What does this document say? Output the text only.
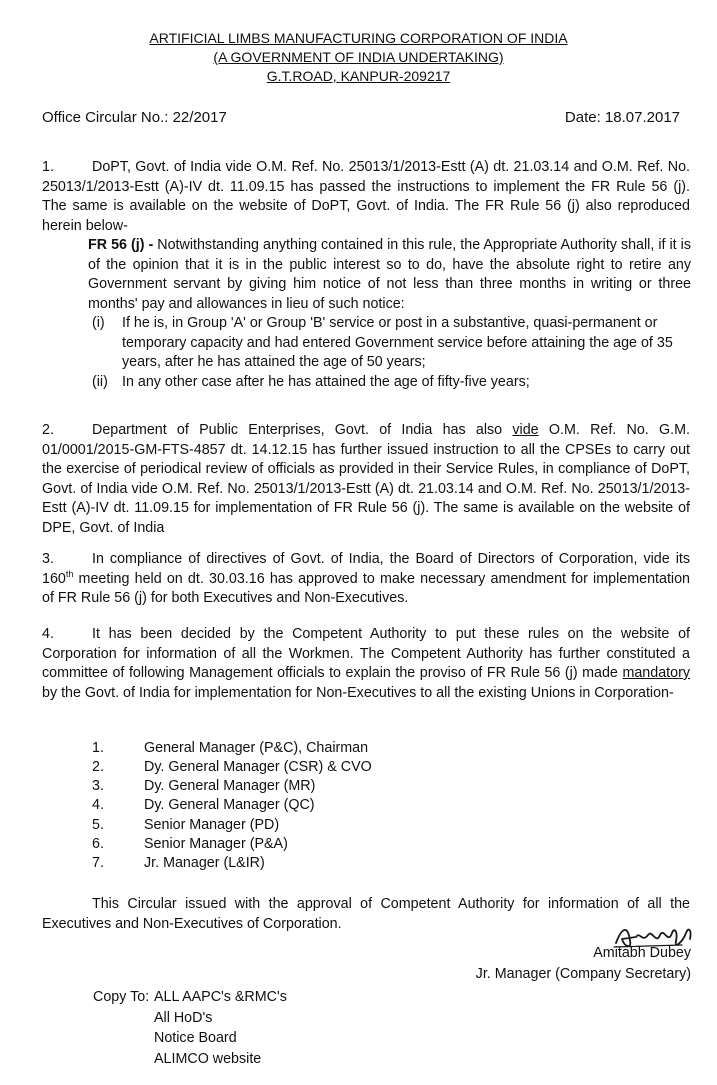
ARTIFICIAL LIMBS MANUFACTURING CORPORATION OF INDIA
(A GOVERNMENT OF INDIA UNDERTAKING)
G.T.ROAD, KANPUR-209217
Office Circular No.: 22/2017	Date: 18.07.2017
1.	DoPT, Govt. of India vide O.M. Ref. No. 25013/1/2013-Estt (A) dt. 21.03.14 and O.M. Ref. No. 25013/1/2013-Estt (A)-IV dt. 11.09.15 has passed the instructions to implement the FR Rule 56 (j). The same is available on the website of DoPT, Govt. of India. The FR Rule 56 (j) also reproduced herein below-
FR 56 (j) - Notwithstanding anything contained in this rule, the Appropriate Authority shall, if it is of the opinion that it is in the public interest so to do, have the absolute right to retire any Government servant by giving him notice of not less than three months in writing or three months' pay and allowances in lieu of such notice:
(i) If he is, in Group 'A' or Group 'B' service or post in a substantive, quasi-permanent or temporary capacity and had entered Government service before attaining the age of 35 years, after he has attained the age of 50 years;
(ii) In any other case after he has attained the age of fifty-five years;
2.	Department of Public Enterprises, Govt. of India has also vide O.M. Ref. No. G.M. 01/0001/2015-GM-FTS-4857 dt. 14.12.15 has further issued instruction to all the CPSEs to carry out the exercise of periodical review of officials as provided in their Service Rules, in compliance of DoPT, Govt. of India vide O.M. Ref. No. 25013/1/2013-Estt (A) dt. 21.03.14 and O.M. Ref. No. 25013/1/2013-Estt (A)-IV dt. 11.09.15 for implementation of FR Rule 56 (j). The same is available on the website of DPE, Govt. of India
3.	In compliance of directives of Govt. of India, the Board of Directors of Corporation, vide its 160th meeting held on dt. 30.03.16 has approved to make necessary amendment for implementation of FR Rule 56 (j) for both Executives and Non-Executives.
4.	It has been decided by the Competent Authority to put these rules on the website of Corporation for information of all the Workmen. The Competent Authority has further constituted a committee of following Management officials to explain the proviso of FR Rule 56 (j) made mandatory by the Govt. of India for implementation for Non-Executives to all the existing Unions in Corporation-
1.	General Manager (P&C), Chairman
2.	Dy. General Manager (CSR) & CVO
3.	Dy. General Manager (MR)
4.	Dy. General Manager (QC)
5.	Senior Manager (PD)
6.	Senior Manager (P&A)
7.	Jr. Manager (L&IR)
This Circular issued with the approval of Competent Authority for information of all the Executives and Non-Executives of Corporation.
Amitabh Dubey
Jr. Manager (Company Secretary)
Copy To: ALL AAPC's &RMC's
All HoD's
Notice Board
ALIMCO website
